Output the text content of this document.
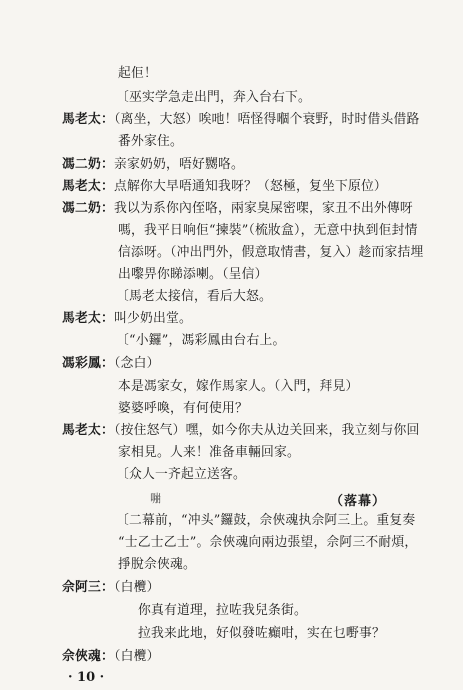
起佢！
〔巫实学急走出門，奔入台右下。
馬老太：（离坐，大怒）唉吔！唔怪得嗰个衰野，时时借头借路
番外家住。
馮二奶：亲家奶奶，唔好嬲咯。
馬老太：点解你大早唔通知我呀？（怒極，复坐下原位）
馮二奶：我以为系你內侄咯，兩家臭屎密㗎，家丑不出外傳呀
嗎，我平日响佢“揀裝”（梳妝盒），无意中执到佢封情
信添呀。（冲出門外，假意取情書，复入）趁而家拮埋
出嚟畀你睇添喇。（呈信）
〔馬老太接信，看后大怒。
馬老太：叫少奶出堂。
〔“小鑼”，馮彩鳳由台右上。
馮彩鳳：（念白）
本是馮家女，嫁作馬家人。（入門，拜見）
婆婆呼喚，有何使用？
馬老太：（按住怒气）嘿，如今你夫从边关回来，我立刻与你回
家相見。人来！准备車輛回家。
〔众人一齐起立送客。
嘣	（落幕）
〔二幕前，“冲头”鑼鼓，佘俠魂执佘阿三上。重复奏
“士乙士乙士”。佘俠魂向兩边張望，佘阿三不耐煩，
掙脫佘俠魂。
佘阿三：（白欖）
你真有道理，拉咗我兒条街。
拉我来此地，好似發咗癲咁，实在乜嘢事？
佘俠魂：（白欖）
· 10 ·
